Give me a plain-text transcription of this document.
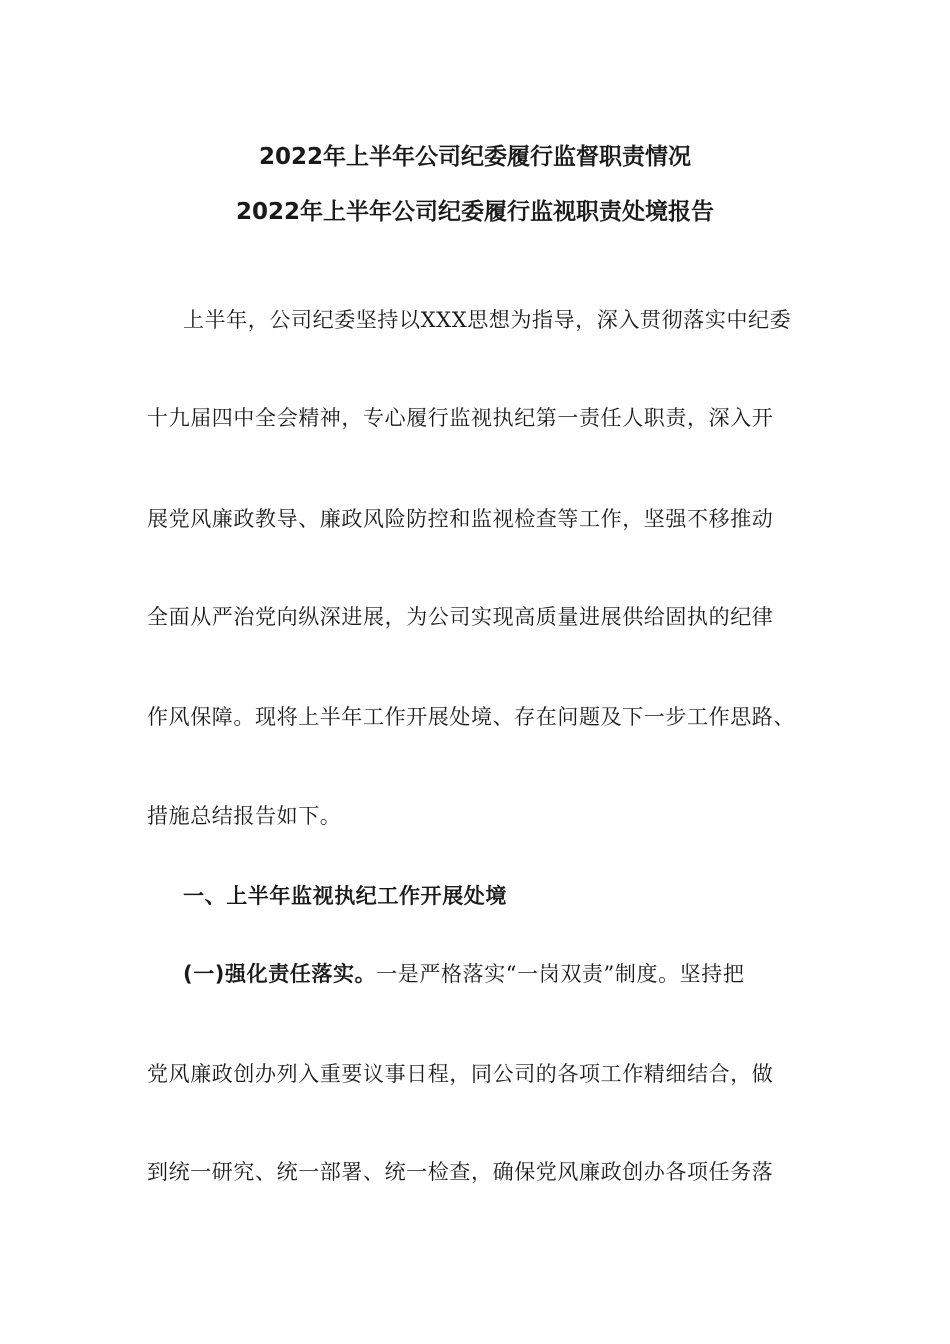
2022年上半年公司纪委履行监督职责情况
2022年上半年公司纪委履行监视职责处境报告
上半年，公司纪委坚持以XXX思想为指导，深入贯彻落实中纪委
十九届四中全会精神，专心履行监视执纪第一责任人职责，深入开
展党风廉政教导、廉政风险防控和监视检查等工作，坚强不移推动
全面从严治党向纵深进展，为公司实现高质量进展供给固执的纪律
作风保障。现将上半年工作开展处境、存在问题及下一步工作思路、
措施总结报告如下。
一、上半年监视执纪工作开展处境
(一)强化责任落实。一是严格落实“一岗双责”制度。坚持把
党风廉政创办列入重要议事日程，同公司的各项工作精细结合，做
到统一研究、统一部署、统一检查，确保党风廉政创办各项任务落
